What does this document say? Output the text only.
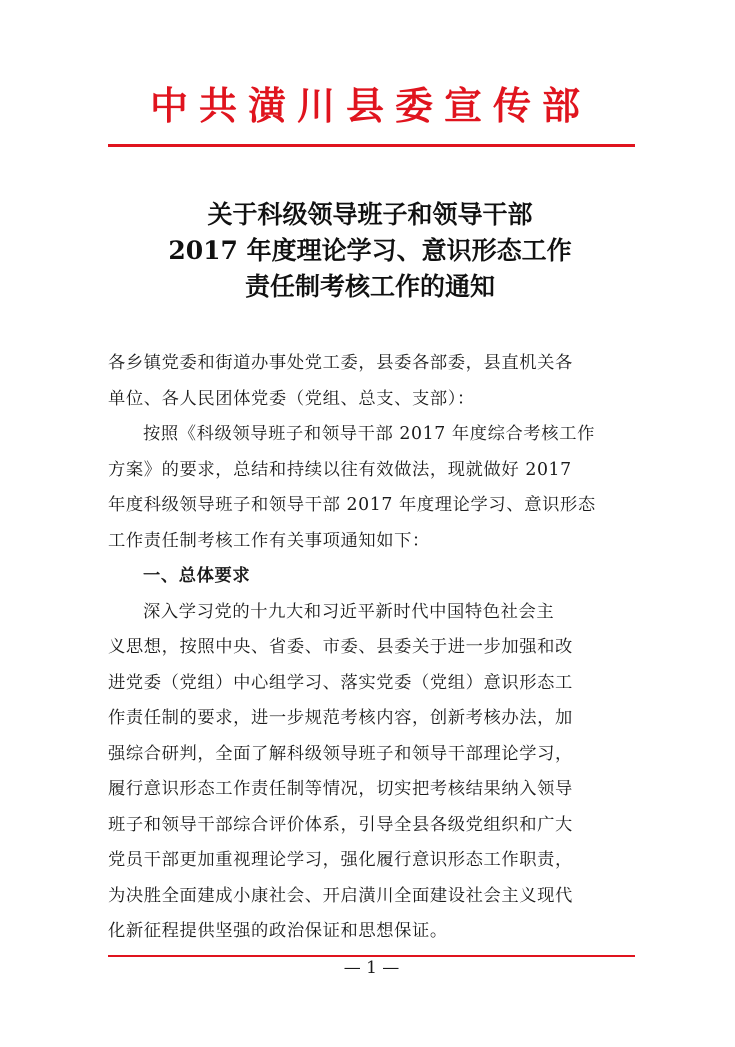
中共潢川县委宣传部
关于科级领导班子和领导干部
2017 年度理论学习、意识形态工作
责任制考核工作的通知
各乡镇党委和街道办事处党工委，县委各部委，县直机关各
单位、各人民团体党委（党组、总支、支部）：
按照《科级领导班子和领导干部 2017 年度综合考核工作
方案》的要求，总结和持续以往有效做法，现就做好 2017
年度科级领导班子和领导干部 2017 年度理论学习、意识形态
工作责任制考核工作有关事项通知如下：
一、总体要求
深入学习党的十九大和习近平新时代中国特色社会主
义思想，按照中央、省委、市委、县委关于进一步加强和改
进党委（党组）中心组学习、落实党委（党组）意识形态工
作责任制的要求，进一步规范考核内容，创新考核办法，加
强综合研判，全面了解科级领导班子和领导干部理论学习，
履行意识形态工作责任制等情况，切实把考核结果纳入领导
班子和领导干部综合评价体系，引导全县各级党组织和广大
党员干部更加重视理论学习，强化履行意识形态工作职责，
为决胜全面建成小康社会、开启潢川全面建设社会主义现代
化新征程提供坚强的政治保证和思想保证。
— 1 —
